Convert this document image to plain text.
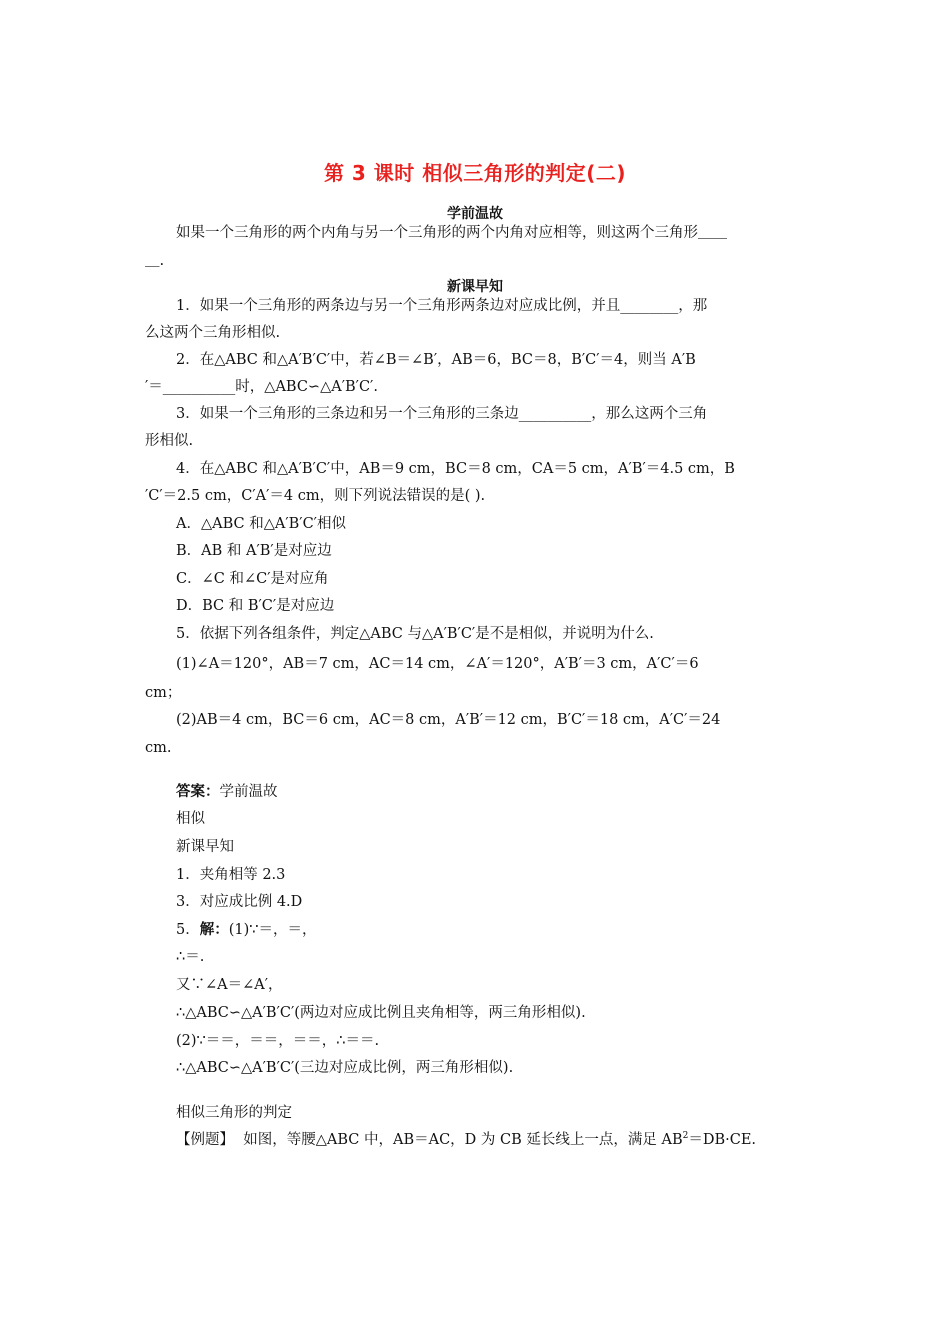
第 3 课时 相似三角形的判定(二)
学前温故
如果一个三角形的两个内角与另一个三角形的两个内角对应相等，则这两个三角形＿＿
＿.
新课早知
1．如果一个三角形的两条边与另一个三角形两条边对应成比例，并且________，那
么这两个三角形相似.
2．在△ABC 和△A′B′C′中，若∠B＝∠B′，AB＝6，BC＝8，B′C′＝4，则当 A′B
′＝__________时，△ABC∽△A′B′C′.
3．如果一个三角形的三条边和另一个三角形的三条边__________，那么这两个三角
形相似.
4．在△ABC 和△A′B′C′中，AB＝9 cm，BC＝8 cm，CA＝5 cm，A′B′＝4.5 cm，B
′C′＝2.5 cm，C′A′＝4 cm，则下列说法错误的是( ).
A．△ABC 和△A′B′C′相似
B．AB 和 A′B′是对应边
C．∠C 和∠C′是对应角
D．BC 和 B′C′是对应边
5．依据下列各组条件，判定△ABC 与△A′B′C′是不是相似，并说明为什么.
(1)∠A＝120°，AB＝7 cm，AC＝14 cm，∠A′＝120°，A′B′＝3 cm，A′C′＝6
cm；
(2)AB＝4 cm，BC＝6 cm，AC＝8 cm，A′B′＝12 cm，B′C′＝18 cm，A′C′＝24
cm.
答案：学前温故
相似
新课早知
1．夹角相等 2.3
3．对应成比例 4.D
5．解：(1)∵＝，＝，
∴＝.
又∵∠A＝∠A′，
∴△ABC∽△A′B′C′(两边对应成比例且夹角相等，两三角形相似).
(2)∵＝＝，＝＝，＝＝，∴＝＝.
∴△ABC∽△A′B′C′(三边对应成比例，两三角形相似).
相似三角形的判定
【例题】 如图，等腰△ABC 中，AB＝AC，D 为 CB 延长线上一点，满足 $AB^2=DB\cdot CE$.
